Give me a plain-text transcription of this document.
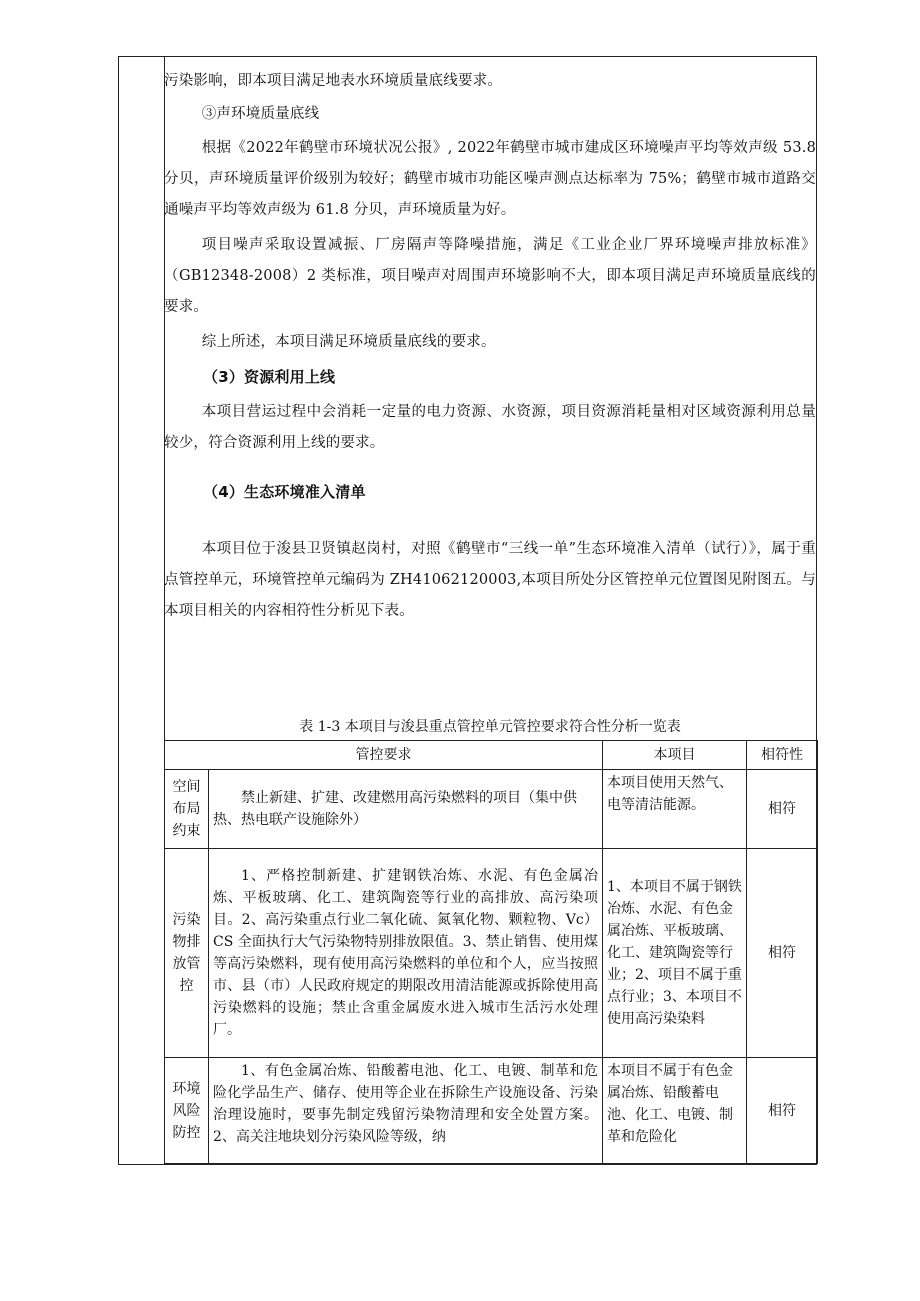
污染影响，即本项目满足地表水环境质量底线要求。

③声环境质量底线

根据《2022年鹤壁市环境状况公报》, 2022年鹤壁市城市建成区环境噪声平均等效声级 53.8 分贝，声环境质量评价级别为较好；鹤壁市城市功能区噪声测点达标率为 75%；鹤壁市城市道路交通噪声平均等效声级为 61.8 分贝，声环境质量为好。

项目噪声采取设置减振、厂房隔声等降噪措施，满足《工业企业厂界环境噪声排放标准》（GB12348-2008）2 类标准，项目噪声对周围声环境影响不大，即本项目满足声环境质量底线的要求。

综上所述，本项目满足环境质量底线的要求。

（3）资源利用上线

本项目营运过程中会消耗一定量的电力资源、水资源，项目资源消耗量相对区域资源利用总量较少，符合资源利用上线的要求。

（4）生态环境准入清单

本项目位于浚县卫贤镇赵岗村，对照《鹤壁市“三线一单”生态环境准入清单（试行）》，属于重点管控单元，环境管控单元编码为 ZH41062120003,本项目所处分区管控单元位置图见附图五。与本项目相关的内容相符性分析见下表。

表 1-3 本项目与浚县重点管控单元管控要求符合性分析一览表
管控要求		本项目	相符性
空间布局约束	禁止新建、扩建、改建燃用高污染燃料的项目（集中供热、热电联产设施除外）	本项目使用天然气、电等清洁能源。	相符
污染物排放管控	1、严格控制新建、扩建钢铁冶炼、水泥、有色金属冶炼、平板玻璃、化工、建筑陶瓷等行业的高排放、高污染项目。2、高污染重点行业二氧化硫、氮氧化物、颗粒物、Vc）CS 全面执行大气污染物特别排放限值。3、禁止销售、使用煤等高污染燃料，现有使用高污染燃料的单位和个人，应当按照市、县（市）人民政府规定的期限改用清洁能源或拆除使用高污染燃料的设施；禁止含重金属废水进入城市生活污水处理厂。	1、本项目不属于钢铁冶炼、水泥、有色金属冶炼、平板玻璃、化工、建筑陶瓷等行业；2、项目不属于重点行业；3、本项目不使用高污染染料	相符
环境风险防控	1、有色金属冶炼、铅酸蓄电池、化工、电镀、制革和危险化学品生产、储存、使用等企业在拆除生产设施设备、污染治理设施时，要事先制定残留污染物清理和安全处置方案。2、高关注地块划分污染风险等级，纳	本项目不属于有色金属冶炼、铅酸蓄电池、化工、电镀、制革和危险化	相符
